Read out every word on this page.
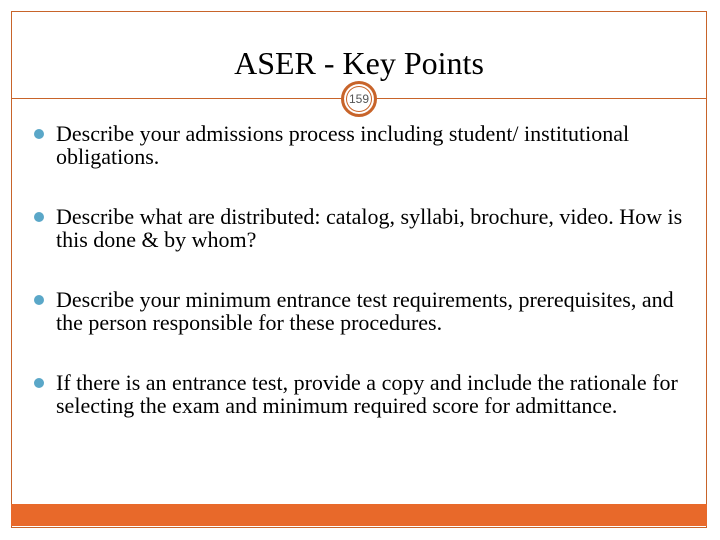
ASER - Key Points
159
Describe your admissions process including student/ institutional obligations.
Describe what are distributed: catalog, syllabi, brochure, video. How is this done & by whom?
Describe your minimum entrance test requirements, prerequisites, and the person responsible for these procedures.
If there is an entrance test, provide a copy and include the rationale for selecting the exam and minimum required score for admittance.
